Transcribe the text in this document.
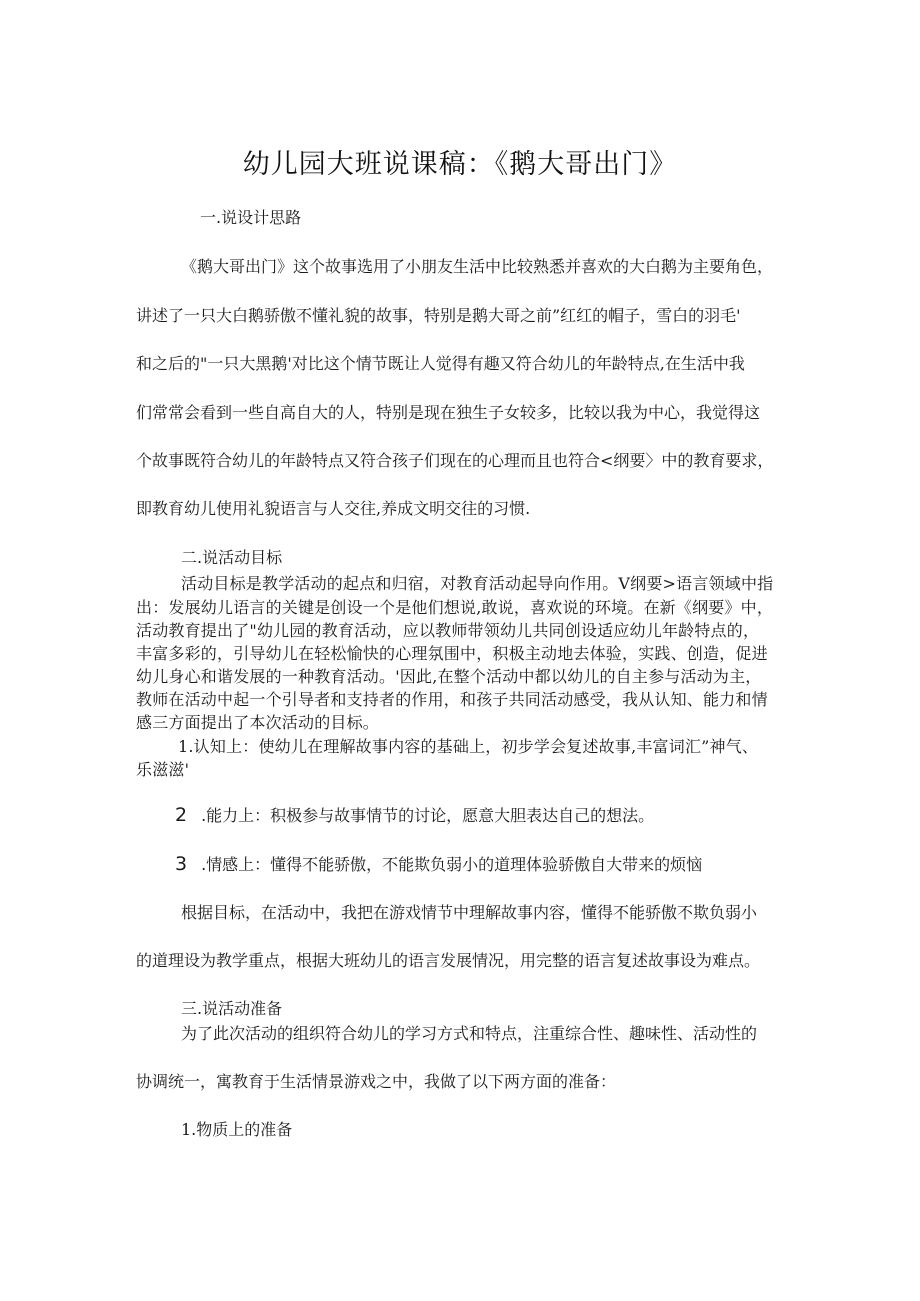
幼儿园大班说课稿：《鹅大哥出门》
一.说设计思路
《鹅大哥出门》这个故事选用了小朋友生活中比较熟悉并喜欢的大白鹅为主要角色，
讲述了一只大白鹅骄傲不懂礼貌的故事，特别是鹅大哥之前”红红的帽子，雪白的羽毛'
和之后的"一只大黑鹅'对比这个情节既让人觉得有趣又符合幼儿的年龄特点,在生活中我
们常常会看到一些自高自大的人，特别是现在独生子女较多，比较以我为中心，我觉得这
个故事既符合幼儿的年龄特点又符合孩子们现在的心理而且也符合<纲要〉中的教育要求，
即教育幼儿使用礼貌语言与人交往,养成文明交往的习惯.
二.说活动目标
活动目标是教学活动的起点和归宿，对教育活动起导向作用。V纲要>语言领域中指
出：发展幼儿语言的关键是创设一个是他们想说,敢说，喜欢说的环境。在新《纲要》中，
活动教育提出了"幼儿园的教育活动，应以教师带领幼儿共同创设适应幼儿年龄特点的，
丰富多彩的，引导幼儿在轻松愉快的心理氛围中，积极主动地去体验，实践、创造，促进
幼儿身心和谐发展的一种教育活动。'因此,在整个活动中都以幼儿的自主参与活动为主，
教师在活动中起一个引导者和支持者的作用，和孩子共同活动感受，我从认知、能力和情
感三方面提出了本次活动的目标。
1.认知上：使幼儿在理解故事内容的基础上，初步学会复述故事,丰富词汇”神气、
乐滋滋'
2 .能力上：积极参与故事情节的讨论，愿意大胆表达自己的想法。
3 .情感上：懂得不能骄傲，不能欺负弱小的道理体验骄傲自大带来的烦恼
根据目标，在活动中，我把在游戏情节中理解故事内容，懂得不能骄傲不欺负弱小
的道理设为教学重点，根据大班幼儿的语言发展情况，用完整的语言复述故事设为难点。
三.说活动准备
为了此次活动的组织符合幼儿的学习方式和特点，注重综合性、趣味性、活动性的
协调统一，寓教育于生活情景游戏之中，我做了以下两方面的准备：
1.物质上的准备
